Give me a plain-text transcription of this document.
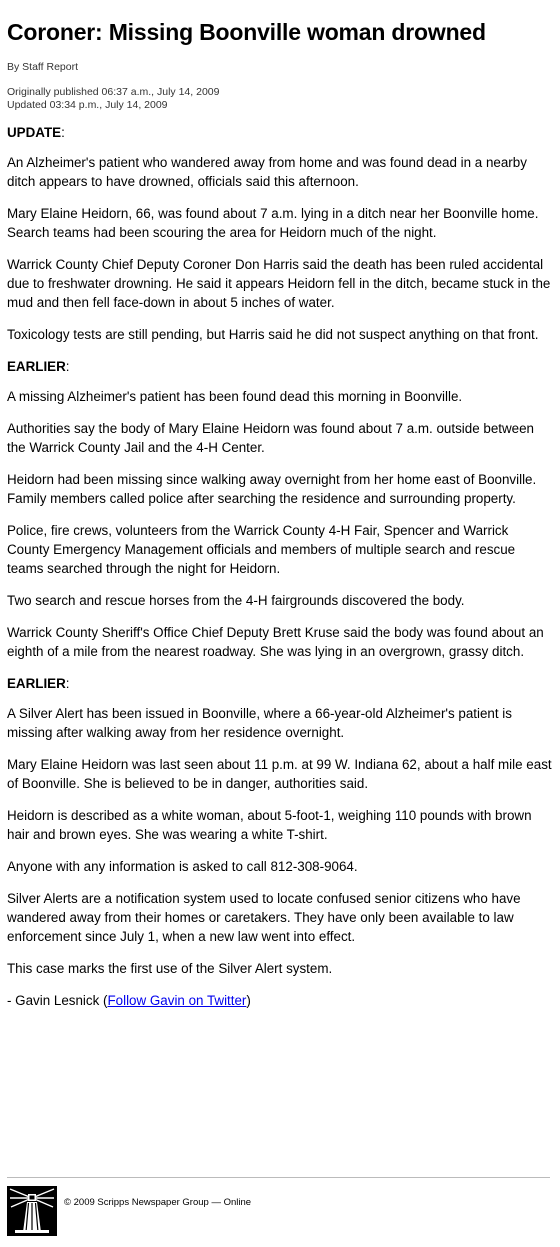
Coroner: Missing Boonville woman drowned
By Staff Report
Originally published 06:37 a.m., July 14, 2009
Updated 03:34 p.m., July 14, 2009

UPDATE:

An Alzheimer's patient who wandered away from home and was found dead in a nearby ditch appears to have drowned, officials said this afternoon.

Mary Elaine Heidorn, 66, was found about 7 a.m. lying in a ditch near her Boonville home. Search teams had been scouring the area for Heidorn much of the night.

Warrick County Chief Deputy Coroner Don Harris said the death has been ruled accidental due to freshwater drowning. He said it appears Heidorn fell in the ditch, became stuck in the mud and then fell face-down in about 5 inches of water.

Toxicology tests are still pending, but Harris said he did not suspect anything on that front.

EARLIER:

A missing Alzheimer's patient has been found dead this morning in Boonville.

Authorities say the body of Mary Elaine Heidorn was found about 7 a.m. outside between the Warrick County Jail and the 4-H Center.

Heidorn had been missing since walking away overnight from her home east of Boonville. Family members called police after searching the residence and surrounding property.

Police, fire crews, volunteers from the Warrick County 4-H Fair, Spencer and Warrick County Emergency Management officials and members of multiple search and rescue teams searched through the night for Heidorn.

Two search and rescue horses from the 4-H fairgrounds discovered the body.

Warrick County Sheriff's Office Chief Deputy Brett Kruse said the body was found about an eighth of a mile from the nearest roadway. She was lying in an overgrown, grassy ditch.

EARLIER:

A Silver Alert has been issued in Boonville, where a 66-year-old Alzheimer's patient is missing after walking away from her residence overnight.

Mary Elaine Heidorn was last seen about 11 p.m. at 99 W. Indiana 62, about a half mile east of Boonville. She is believed to be in danger, authorities said.

Heidorn is described as a white woman, about 5-foot-1, weighing 110 pounds with brown hair and brown eyes. She was wearing a white T-shirt.

Anyone with any information is asked to call 812-308-9064.

Silver Alerts are a notification system used to locate confused senior citizens who have wandered away from their homes or caretakers. They have only been available to law enforcement since July 1, when a new law went into effect.

This case marks the first use of the Silver Alert system.

- Gavin Lesnick (Follow Gavin on Twitter)

© 2009 Scripps Newspaper Group — Online
